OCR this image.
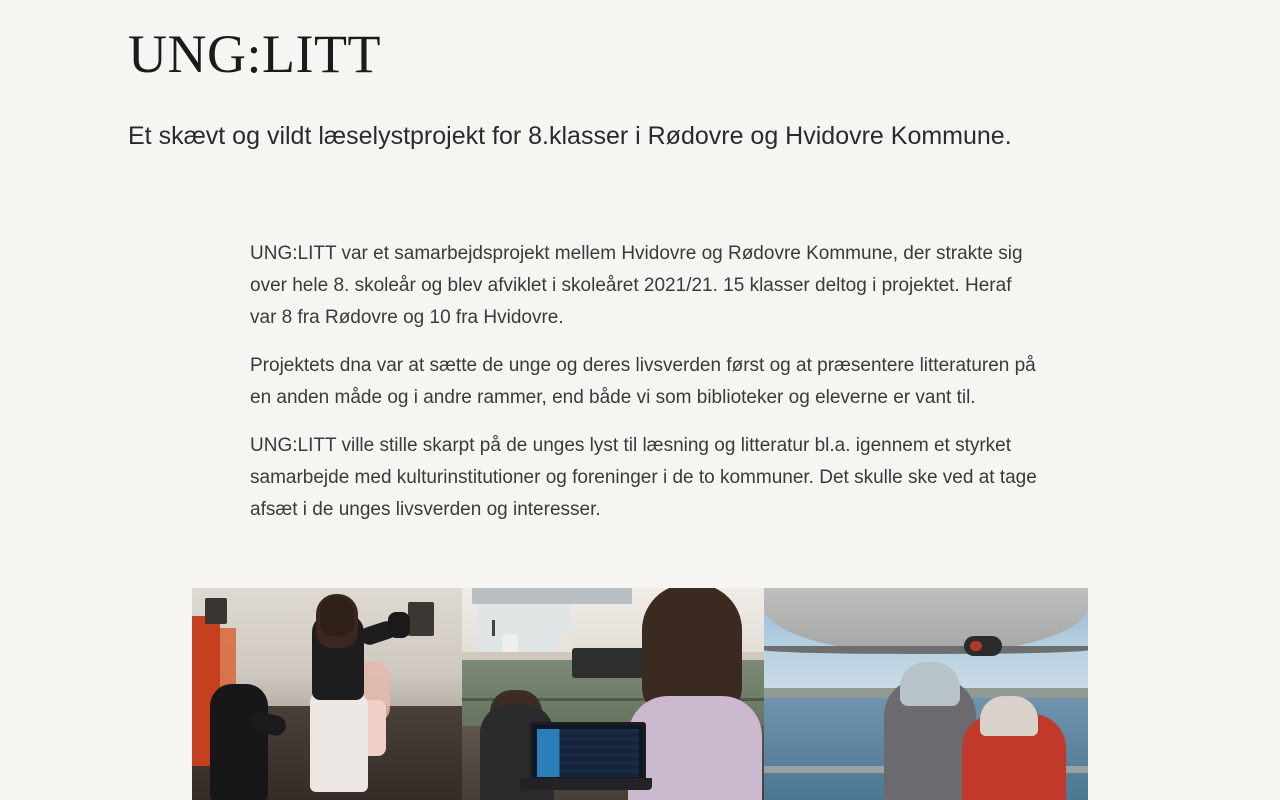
UNG:LITT
Et skævt og vildt læselystprojekt for 8.klasser i Rødovre og Hvidovre Kommune.

UNG:LITT var et samarbejdsprojekt mellem Hvidovre og Rødovre Kommune, der strakte sig over hele 8. skoleår og blev afviklet i skoleåret 2021/21. 15 klasser deltog i projektet. Heraf var 8 fra Rødovre og 10 fra Hvidovre.

Projektets dna var at sætte de unge og deres livsverden først og at præsentere litteraturen på en anden måde og i andre rammer, end både vi som biblioteker og eleverne er vant til.

UNG:LITT ville stille skarpt på de unges lyst til læsning og litteratur bl.a. igennem et styrket samarbejde med kulturinstitutioner og foreninger i de to kommuner. Det skulle ske ved at tage afsæt i de unges livsverden og interesser.
